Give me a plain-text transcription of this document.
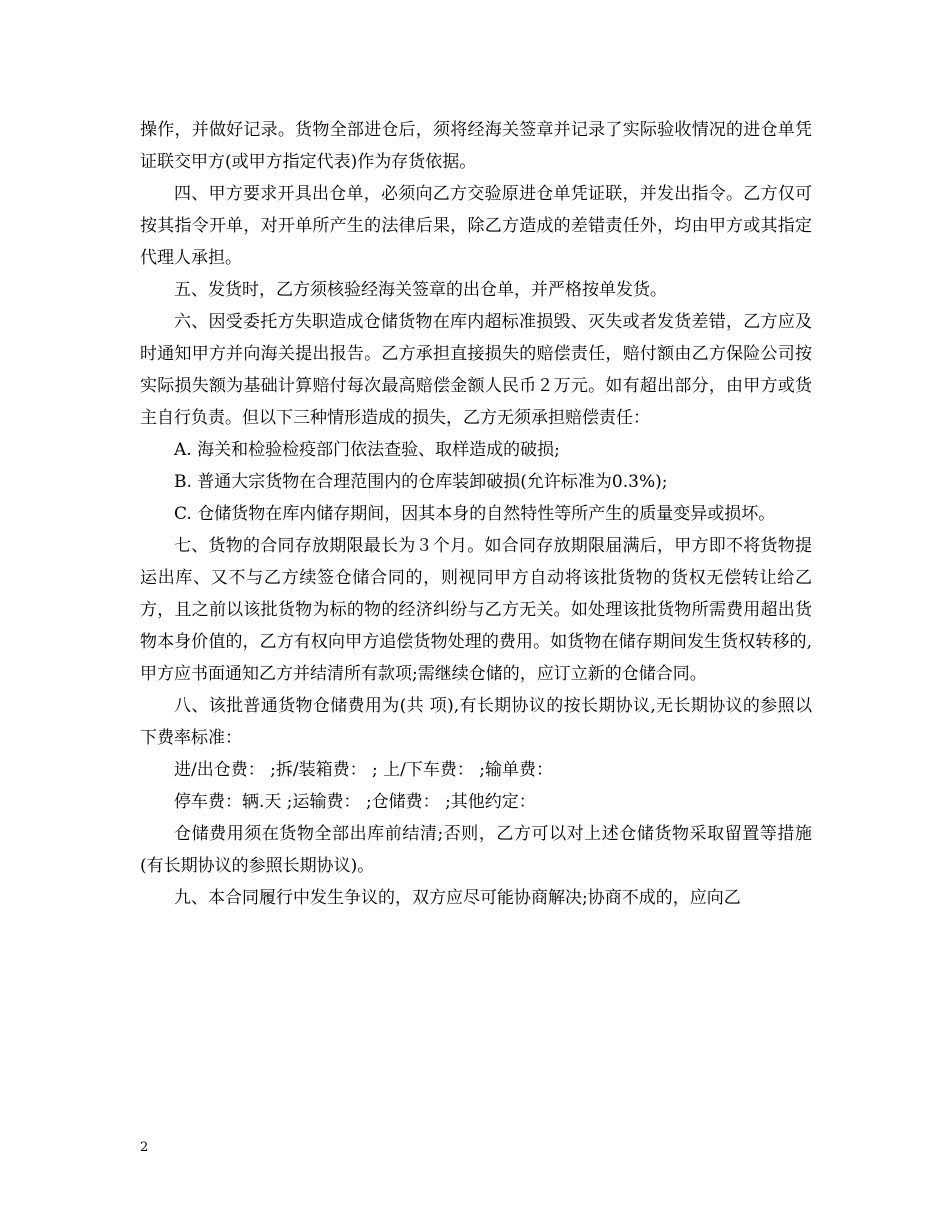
操作，并做好记录。货物全部进仓后，须将经海关签章并记录了实际验收情况的进仓单凭证联交甲方(或甲方指定代表)作为存货依据。

四、甲方要求开具出仓单，必须向乙方交验原进仓单凭证联，并发出指令。乙方仅可按其指令开单，对开单所产生的法律后果，除乙方造成的差错责任外，均由甲方或其指定代理人承担。

五、发货时，乙方须核验经海关签章的出仓单，并严格按单发货。

六、因受委托方失职造成仓储货物在库内超标准损毁、灭失或者发货差错，乙方应及时通知甲方并向海关提出报告。乙方承担直接损失的赔偿责任，赔付额由乙方保险公司按实际损失额为基础计算赔付每次最高赔偿金额人民币２万元。如有超出部分，由甲方或货主自行负责。但以下三种情形造成的损失，乙方无须承担赔偿责任：

A. 海关和检验检疫部门依法查验、取样造成的破损;

B. 普通大宗货物在合理范围内的仓库装卸破损(允许标准为0.3%);

C. 仓储货物在库内储存期间，因其本身的自然特性等所产生的质量变异或损坏。

七、货物的合同存放期限最长为３个月。如合同存放期限届满后，甲方即不将货物提运出库、又不与乙方续签仓储合同的，则视同甲方自动将该批货物的货权无偿转让给乙方，且之前以该批货物为标的物的经济纠纷与乙方无关。如处理该批货物所需费用超出货物本身价值的，乙方有权向甲方追偿货物处理的费用。如货物在储存期间发生货权转移的,甲方应书面通知乙方并结清所有款项;需继续仓储的，应订立新的仓储合同。

八、该批普通货物仓储费用为(共 项),有长期协议的按长期协议,无长期协议的参照以下费率标准：

进/出仓费： ;拆/装箱费： ; 上/下车费： ;输单费：

停车费：辆.天 ;运输费： ;仓储费： ;其他约定：

仓储费用须在货物全部出库前结清;否则，乙方可以对上述仓储货物采取留置等措施(有长期协议的参照长期协议)。

九、本合同履行中发生争议的，双方应尽可能协商解决;协商不成的，应向乙

2
